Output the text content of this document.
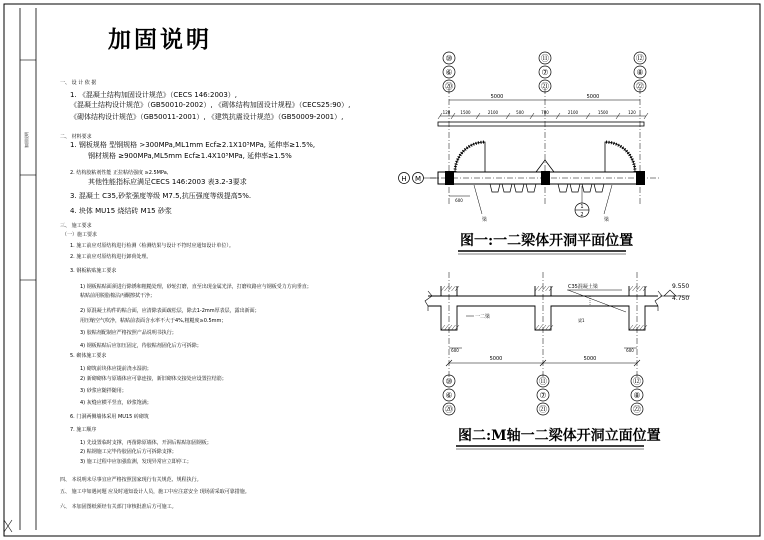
加固说明
加固说明
一、 设 计 依 据
1. 《混凝土结构加固设计规范》（CECS 146:2003）,
《混凝土结构设计规范》（GB50010-2002）, 《砌体结构加固设计规程》（CECS25:90）,
《砌体结构设计规范》（GB50011-2001）, 《建筑抗震设计规范》（GB50009-2001）,
二、 材料要求
1. 钢板规格 型钢规格 >300MPa,ML1mm Ecf≥2.1X10⁵MPa, 延伸率≥1.5%,
钢材规格 ≥900MPa,ML5mm Ecf≥1.4X10⁵MPa, 延伸率≥1.5%
2. 结构胶粘剂性能 正拉粘结强度 ≥2.5MPa,
其他性能指标应满足CECS 146:2003 表3.2-3要求
3. 混凝土 C35,砂浆强度等级 M7.5,抗压强度等级提高5%.
4. 块体 MU15 烧结砖 M15 砂浆
三、 施工要求
（一）施工要求
1. 施工前应对原结构进行检测（检测结果与设计不符时应通知设计单位）。
2. 施工前应对原结构进行卸荷处理。
3. 钢板粘贴施工要求
1) 钢板粘贴面须进行除锈和粗糙处理，砂轮打磨，直至出现金属光泽，打磨纹路应与钢板受力方向垂直；
粘贴前用脱脂棉沾丙酮擦拭干净；
2) 原混凝土构件的粘合面，应清除表面疏松层，除去1-2mm厚表层，露出新面；
用压缩空气吹净，粘贴前表面含水率不大于4%,粗糙度≥0.5mm；
3) 胶粘剂配制应严格按照产品说明书执行；
4) 钢板粘贴后应加压固定，待胶粘剂固化后方可拆除；
5. 砌体施工要求
1) 砌筑前块体应提前浇水湿润；
2) 新砌砌体与原墙体应可靠连接，新旧砌体交接处应设置拉结筋；
3) 砂浆应随拌随用；
4) 灰缝应横平竖直，砂浆饱满；
6. 门洞两侧墙体采用 MU15 砖砌筑
7. 施工顺序
1) 先设置临时支撑，再凿除原墙体，开洞后粘贴加固钢板；
2) 粘钢施工完毕待胶固化后方可拆除支撑；
3) 施工过程中应加强监测，发现异常应立即停工；
四、 本说明未尽事宜应严格按照国家现行有关规范、规程执行。
五、 施工中如遇问题 应及时通知设计人员，施工中应注意安全 现场需采取可靠措施。
六、 本加固图纸须经有关部门审核批准后方可施工。
⑩
⑥
⑳
⑪
⑦
㉑
⑫
⑧
㉒
5000	5000
120	1500	2100	500	700	2100	1500	120
H M
1
2
梁	梁
600
图一:一二梁体开洞平面位置
一二梁
梁1
C35混凝土梁	9.550
4.750
5000	5000
600	600
⑩
⑥
⑳
⑪
⑦
㉑
⑫
⑧
㉒
图二:M轴一二梁体开洞立面位置
